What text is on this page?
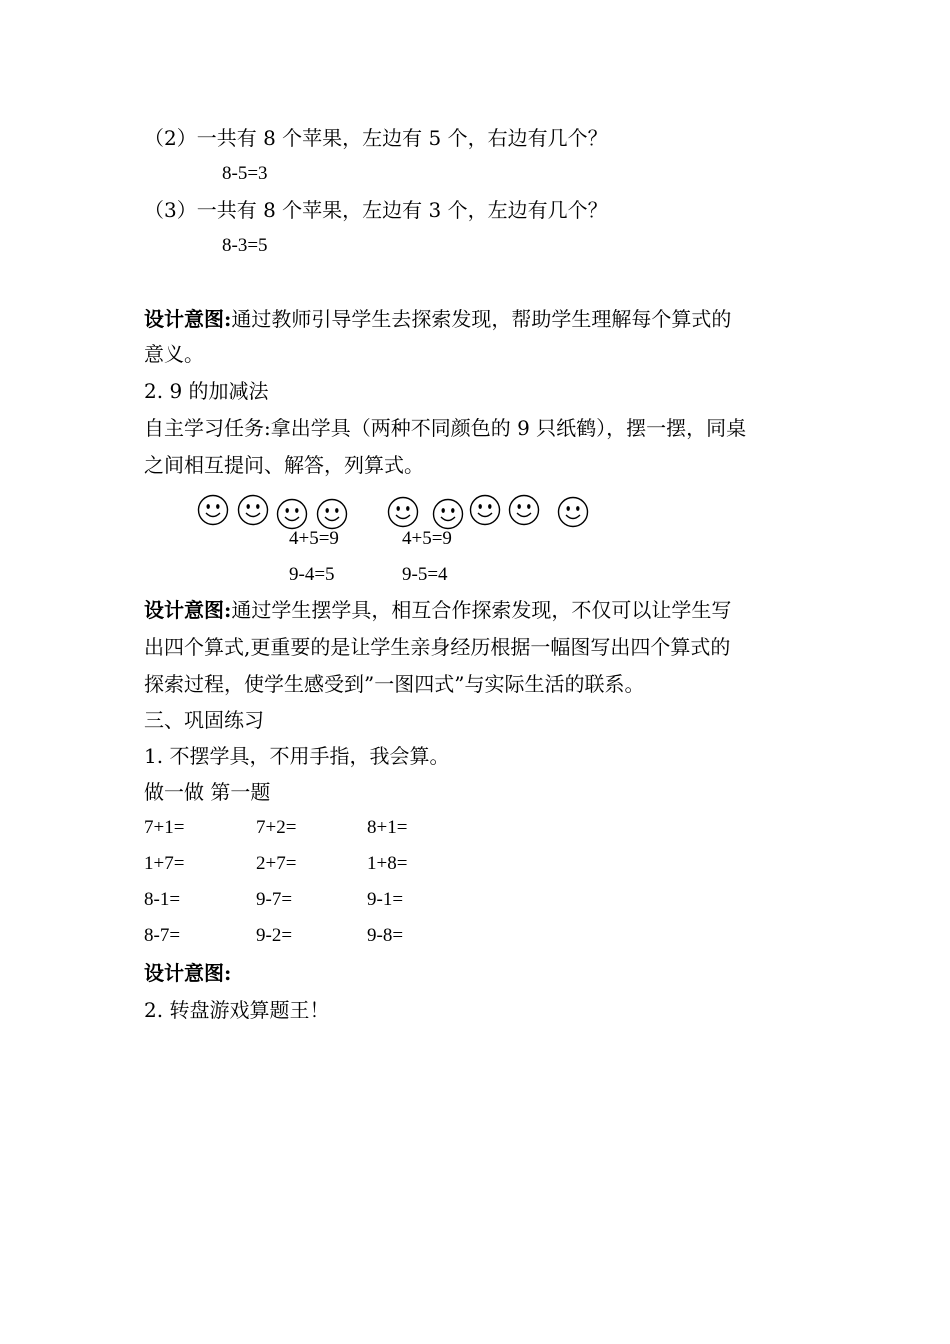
（2）一共有 8 个苹果，左边有 5 个，右边有几个？
8-5=3
（3）一共有 8 个苹果，左边有 3 个，左边有几个？
8-3=5
设计意图:通过教师引导学生去探索发现，帮助学生理解每个算式的
意义。
2. 9 的加减法
自主学习任务:拿出学具（两种不同颜色的 9 只纸鹤），摆一摆，同桌
之间相互提问、解答，列算式。
4+5=9	4+5=9
9-4=5	9-5=4
设计意图:通过学生摆学具，相互合作探索发现，不仅可以让学生写
出四个算式,更重要的是让学生亲身经历根据一幅图写出四个算式的
探索过程，使学生感受到”一图四式”与实际生活的联系。
三、巩固练习
1. 不摆学具，不用手指，我会算。
做一做 第一题
7+1=	7+2=	8+1=
1+7=	2+7=	1+8=
8-1=	9-7=	9-1=
8-7=	9-2=	9-8=
设计意图:
2. 转盘游戏算题王！
